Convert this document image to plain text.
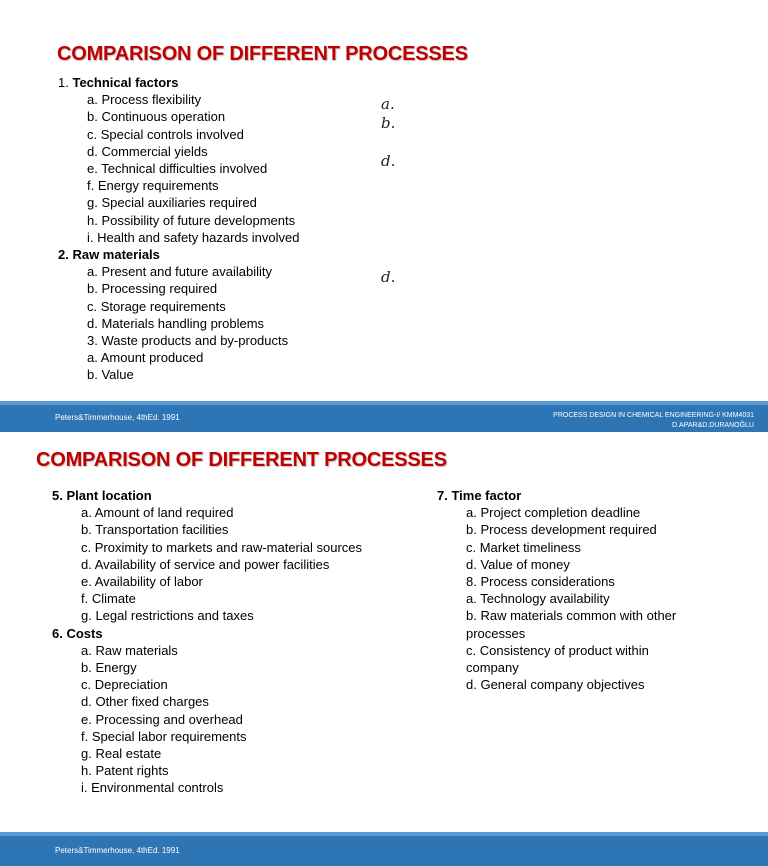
COMPARISON OF DIFFERENT PROCESSES
1. Technical factors
a. Process flexibility
b. Continuous operation
c. Special controls involved
d. Commercial yields
e. Technical difficulties involved
f. Energy requirements
g. Special auxiliaries required
h. Possibility of future developments
i. Health and safety hazards involved
2. Raw materials
a. Present and future availability
b. Processing required
c. Storage requirements
d. Materials handling problems
3. Waste products and by-products
a. Amount produced
b. Value
a.
b.
d.
d.
Peters&Timmerhouse, 4thEd. 1991	PROCESS DESIGN IN CHEMICAL ENGINEERING-I/ KMM4031
D.APAR&D.DURANOĞLU
COMPARISON OF DIFFERENT PROCESSES
5. Plant location
a. Amount of land required
b. Transportation facilities
c. Proximity to markets and raw-material sources
d. Availability of service and power facilities
e. Availability of labor
f. Climate
g. Legal restrictions and taxes
6. Costs
a. Raw materials
b. Energy
c. Depreciation
d. Other fixed charges
e. Processing and overhead
f. Special labor requirements
g. Real estate
h. Patent rights
i. Environmental controls
7. Time factor
a. Project completion deadline
b. Process development required
c. Market timeliness
d. Value of money
8. Process considerations
a. Technology availability
b. Raw materials common with other processes
c. Consistency of product within company
d. General company objectives
Peters&Timmerhouse, 4thEd. 1991
